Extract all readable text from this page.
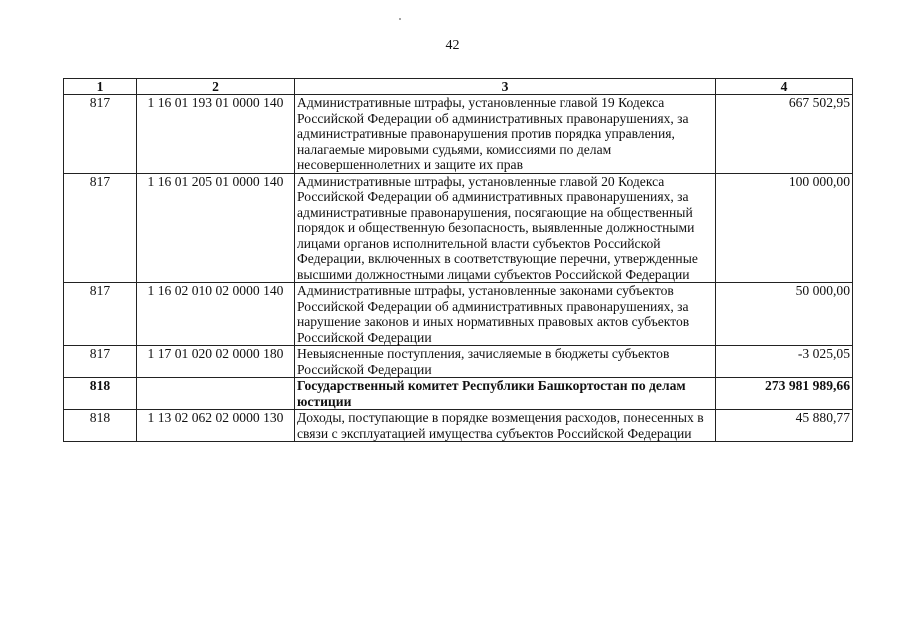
42
1	2	3	4
817	1 16 01 193 01 0000 140	Административные штрафы, установленные главой 19 Кодекса Российской Федерации об административных правонарушениях, за административные правонарушения против порядка управления, налагаемые мировыми судьями, комиссиями по делам несовершеннолетних и защите их прав	667 502,95
817	1 16 01 205 01 0000 140	Административные штрафы, установленные главой 20 Кодекса Российской Федерации об административных правонарушениях, за административные правонарушения, посягающие на общественный порядок и общественную безопасность, выявленные должностными лицами органов исполнительной власти субъектов Российской Федерации, включенных в соответствующие перечни, утвержденные высшими должностными лицами субъектов Российской Федерации	100 000,00
817	1 16 02 010 02 0000 140	Административные штрафы, установленные законами субъектов Российской Федерации об административных правонарушениях, за нарушение законов и иных нормативных правовых актов субъектов Российской Федерации	50 000,00
817	1 17 01 020 02 0000 180	Невыясненные поступления, зачисляемые в бюджеты субъектов Российской Федерации	-3 025,05
818		Государственный комитет Республики Башкортостан по делам юстиции	273 981 989,66
818	1 13 02 062 02 0000 130	Доходы, поступающие в порядке возмещения расходов, понесенных в связи с эксплуатацией имущества субъектов Российской Федерации	45 880,77
